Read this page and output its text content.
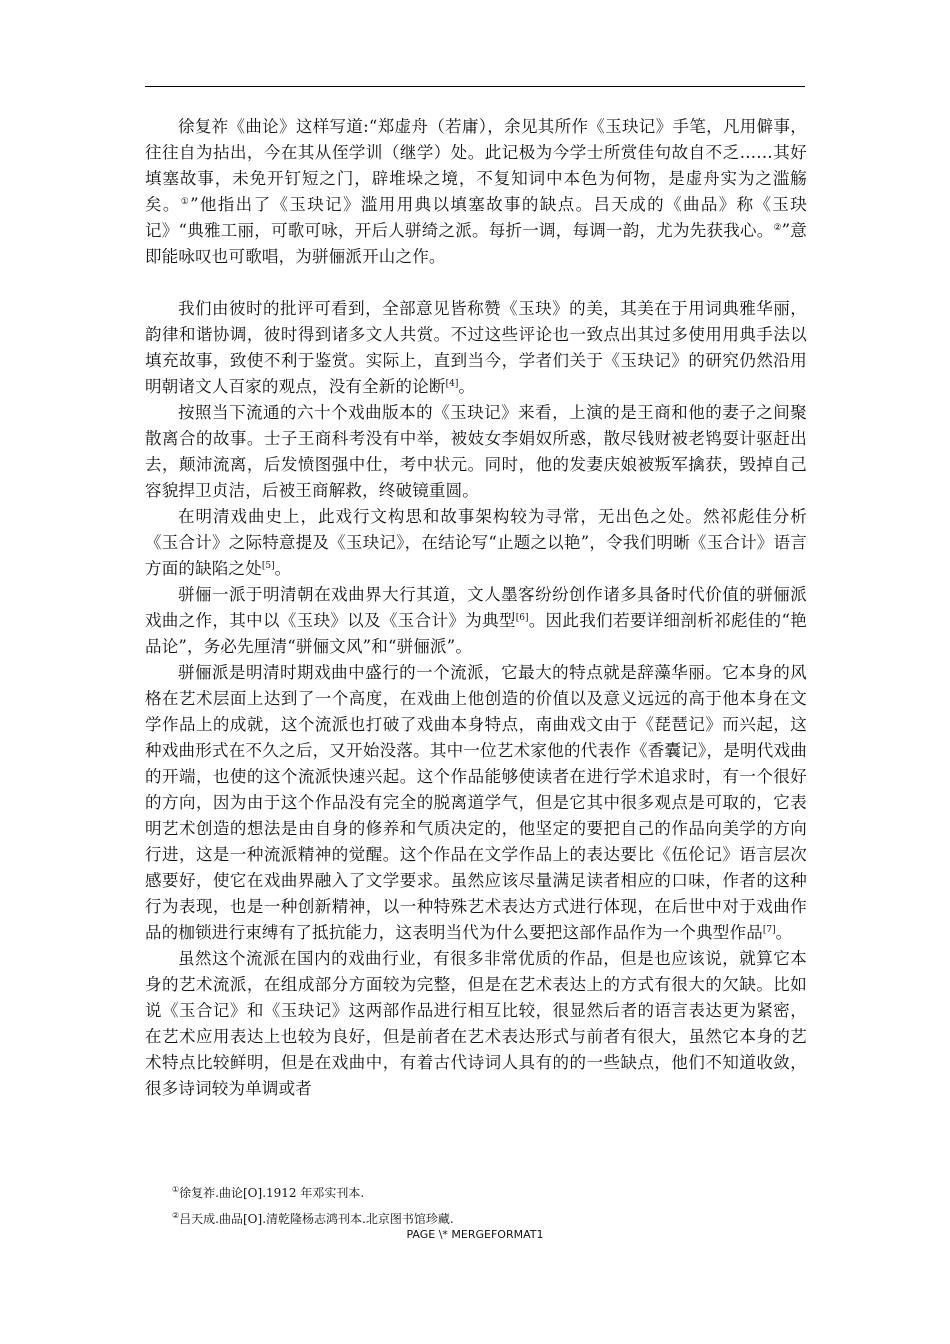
徐复祚《曲论》这样写道:“郑虚舟（若庸），余见其所作《玉玦记》手笔，凡用僻事，往往自为拈出，今在其从侄学训（继学）处。此记极为今学士所赏佳句故自不乏……其好填塞故事，未免开钉短之门，辟堆垛之境，不复知词中本色为何物，是虚舟实为之滥觞矣。①”他指出了《玉玦记》滥用用典以填塞故事的缺点。吕天成的《曲品》称《玉玦记》“典雅工丽，可歌可咏，开后人骈绮之派。每折一调，每调一韵，尤为先获我心。②”意即能咏叹也可歌唱，为骈俪派开山之作。

我们由彼时的批评可看到，全部意见皆称赞《玉玦》的美，其美在于用词典雅华丽，韵律和谐协调，彼时得到诸多文人共赏。不过这些评论也一致点出其过多使用用典手法以填充故事，致使不利于鉴赏。实际上，直到当今，学者们关于《玉玦记》的研究仍然沿用明朝诸文人百家的观点，没有全新的论断[4]。

按照当下流通的六十个戏曲版本的《玉玦记》来看，上演的是王商和他的妻子之间聚散离合的故事。士子王商科考没有中举，被妓女李娟奴所惑，散尽钱财被老鸨耍计驱赶出去，颠沛流离，后发愤图强中仕，考中状元。同时，他的发妻庆娘被叛军擒获，毁掉自己容貌捍卫贞洁，后被王商解救，终破镜重圆。

在明清戏曲史上，此戏行文构思和故事架构较为寻常，无出色之处。然祁彪佳分析《玉合计》之际特意提及《玉玦记》，在结论写“止题之以艳”，令我们明晰《玉合计》语言方面的缺陷之处[5]。

骈俪一派于明清朝在戏曲界大行其道，文人墨客纷纷创作诸多具备时代价值的骈俪派戏曲之作，其中以《玉玦》以及《玉合计》为典型[6]。因此我们若要详细剖析祁彪佳的“艳品论”，务必先厘清“骈俪文风”和“骈俪派”。

骈俪派是明清时期戏曲中盛行的一个流派，它最大的特点就是辞藻华丽。它本身的风格在艺术层面上达到了一个高度，在戏曲上他创造的价值以及意义远远的高于他本身在文学作品上的成就，这个流派也打破了戏曲本身特点，南曲戏文由于《琵琶记》而兴起，这种戏曲形式在不久之后，又开始没落。其中一位艺术家他的代表作《香囊记》，是明代戏曲的开端，也使的这个流派快速兴起。这个作品能够使读者在进行学术追求时，有一个很好的方向，因为由于这个作品没有完全的脱离道学气，但是它其中很多观点是可取的，它表明艺术创造的想法是由自身的修养和气质决定的，他坚定的要把自己的作品向美学的方向行进，这是一种流派精神的觉醒。这个作品在文学作品上的表达要比《伍伦记》语言层次感要好，使它在戏曲界融入了文学要求。虽然应该尽量满足读者相应的口味，作者的这种行为表现，也是一种创新精神，以一种特殊艺术表达方式进行体现，在后世中对于戏曲作品的枷锁进行束缚有了抵抗能力，这表明当代为什么要把这部作品作为一个典型作品[7]。

虽然这个流派在国内的戏曲行业，有很多非常优质的作品，但是也应该说，就算它本身的艺术流派，在组成部分方面较为完整，但是在艺术表达上的方式有很大的欠缺。比如说《玉合记》和《玉玦记》这两部作品进行相互比较，很显然后者的语言表达更为紧密，在艺术应用表达上也较为良好，但是前者在艺术表达形式与前者有很大，虽然它本身的艺术特点比较鲜明，但是在戏曲中，有着古代诗词人具有的的一些缺点，他们不知道收敛，很多诗词较为单调或者

①徐复祚.曲论[O].1912 年邓实刊本.

②吕天成.曲品[O].清乾隆杨志鸿刊本.北京图书馆珍藏.

PAGE \* MERGEFORMAT1
